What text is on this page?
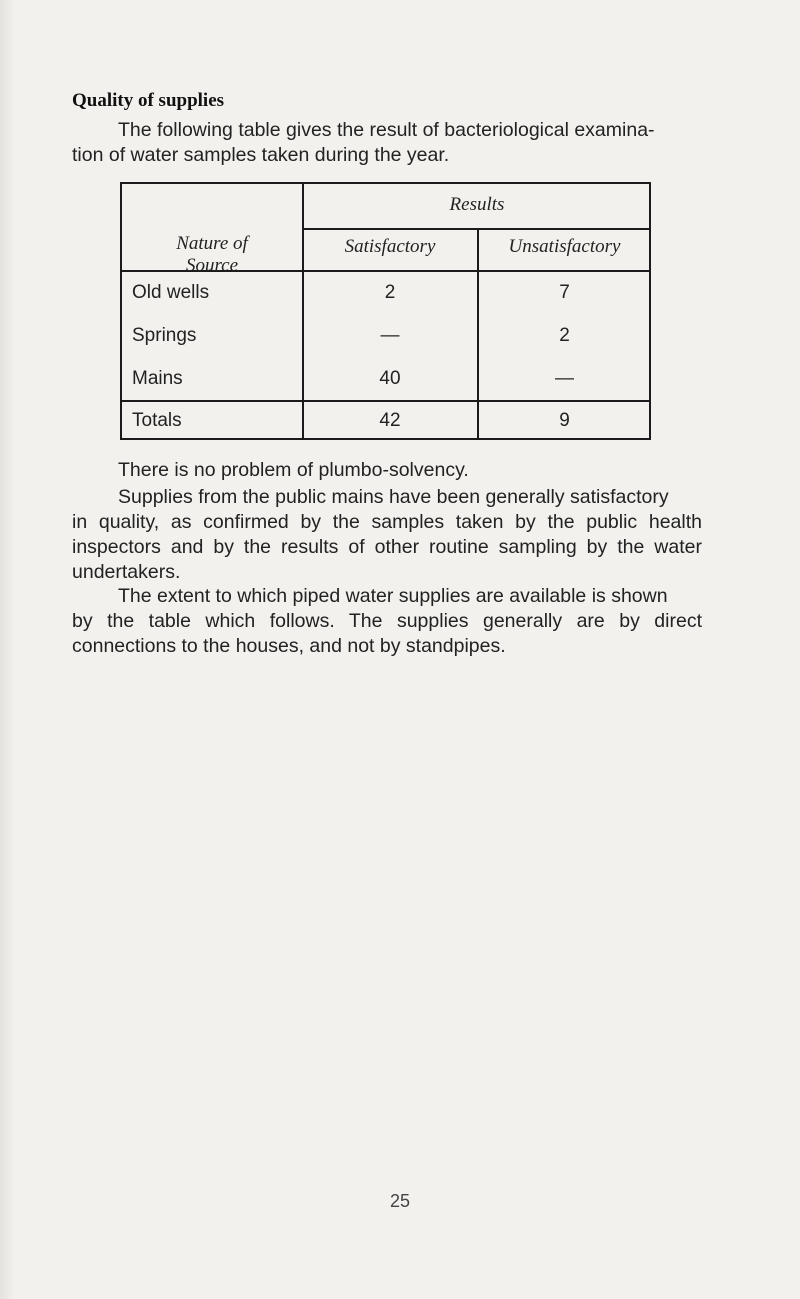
Quality of supplies

The following table gives the result of bacteriological examina-
tion of water samples taken during the year.

Nature of
Source
Results
Satisfactory	Unsatisfactory
Old wells	2	7
Springs	—	2
Mains	40	—
Totals	42	9

There is no problem of plumbo-solvency.

Supplies from the public mains have been generally satisfactory
in quality, as confirmed by the samples taken by the public health inspectors and by the results of other routine sampling by the water undertakers.

The extent to which piped water supplies are available is shown
by the table which follows. The supplies generally are by direct connections to the houses, and not by standpipes.

25
